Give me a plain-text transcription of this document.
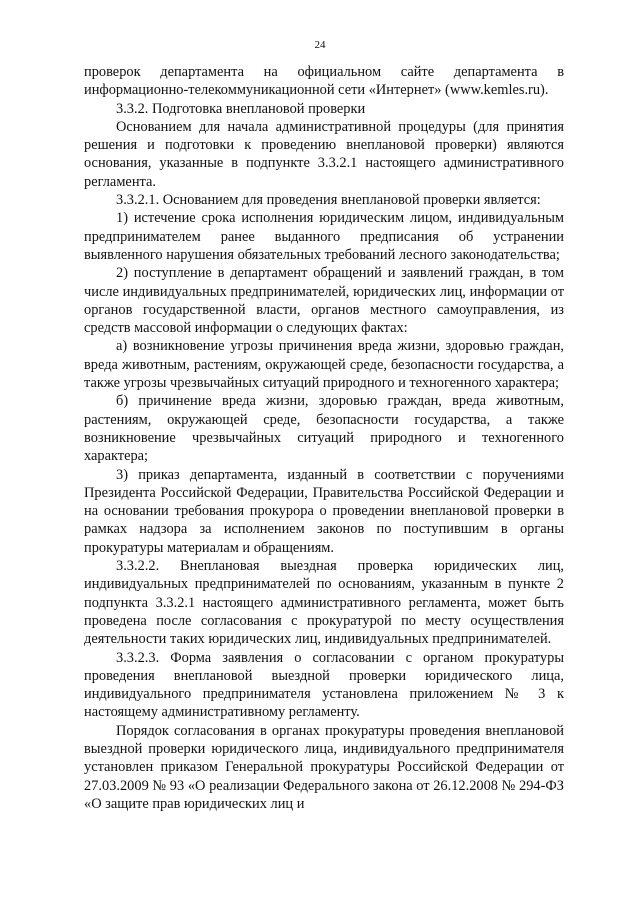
24

проверок департамента на официальном сайте департамента в информационно-телекоммуникационной сети «Интернет» (www.kemles.ru).

3.3.2. Подготовка внеплановой проверки

Основанием для начала административной процедуры (для принятия решения и подготовки к проведению внеплановой проверки) являются основания, указанные в подпункте 3.3.2.1 настоящего административного регламента.

3.3.2.1. Основанием для проведения внеплановой проверки является:

1) истечение срока исполнения юридическим лицом, индивидуальным предпринимателем ранее выданного предписания об устранении выявленного нарушения обязательных требований лесного законодательства;

2) поступление в департамент обращений и заявлений граждан, в том числе индивидуальных предпринимателей, юридических лиц, информации от органов государственной власти, органов местного самоуправления, из средств массовой информации о следующих фактах:

а) возникновение угрозы причинения вреда жизни, здоровью граждан, вреда животным, растениям, окружающей среде, безопасности государства, а также угрозы чрезвычайных ситуаций природного и техногенного характера;

б) причинение вреда жизни, здоровью граждан, вреда животным, растениям, окружающей среде, безопасности государства, а также возникновение чрезвычайных ситуаций природного и техногенного характера;

3) приказ департамента, изданный в соответствии с поручениями Президента Российской Федерации, Правительства Российской Федерации и на основании требования прокурора о проведении внеплановой проверки в рамках надзора за исполнением законов по поступившим в органы прокуратуры материалам и обращениям.

3.3.2.2. Внеплановая выездная проверка юридических лиц, индивидуальных предпринимателей по основаниям, указанным в пункте 2 подпункта 3.3.2.1 настоящего административного регламента, может быть проведена после согласования с прокуратурой по месту осуществления деятельности таких юридических лиц, индивидуальных предпринимателей.

3.3.2.3. Форма заявления о согласовании с органом прокуратуры проведения внеплановой выездной проверки юридического лица, индивидуального предпринимателя установлена приложением № 3 к настоящему административному регламенту.

Порядок согласования в органах прокуратуры проведения внеплановой выездной проверки юридического лица, индивидуального предпринимателя установлен приказом Генеральной прокуратуры Российской Федерации от 27.03.2009 № 93 «О реализации Федерального закона от 26.12.2008 № 294-ФЗ «О защите прав юридических лиц и
